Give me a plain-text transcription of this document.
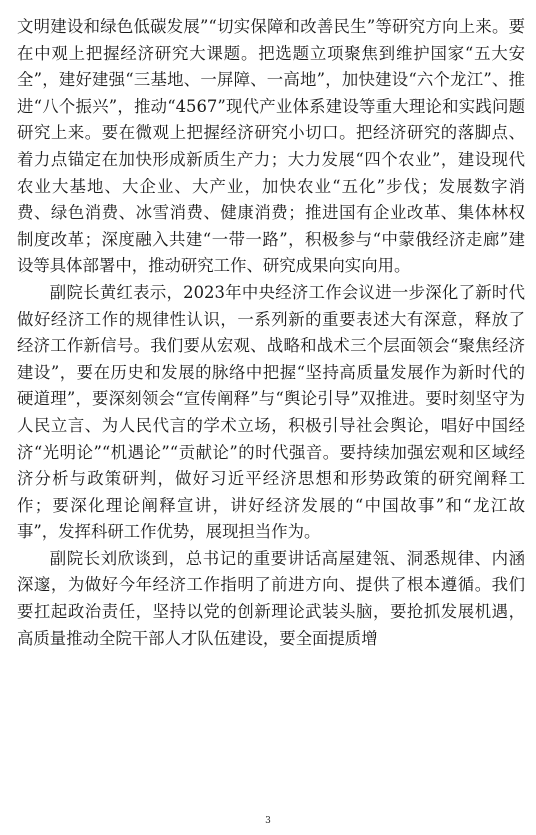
文明建设和绿色低碳发展”“切实保障和改善民生”等研究方向上来。要在中观上把握经济研究大课题。把选题立项聚焦到维护国家“五大安全”，建好建强“三基地、一屏障、一高地”，加快建设“六个龙江”、推进“八个振兴”，推动“4567”现代产业体系建设等重大理论和实践问题研究上来。要在微观上把握经济研究小切口。把经济研究的落脚点、着力点锚定在加快形成新质生产力；大力发展“四个农业”，建设现代农业大基地、大企业、大产业，加快农业“五化”步伐；发展数字消费、绿色消费、冰雪消费、健康消费；推进国有企业改革、集体林权制度改革；深度融入共建“一带一路”，积极参与“中蒙俄经济走廊”建设等具体部署中，推动研究工作、研究成果向实向用。

副院长黄红表示，2023年中央经济工作会议进一步深化了新时代做好经济工作的规律性认识，一系列新的重要表述大有深意，释放了经济工作新信号。我们要从宏观、战略和战术三个层面领会“聚焦经济建设”，要在历史和发展的脉络中把握“坚持高质量发展作为新时代的硬道理”，要深刻领会“宣传阐释”与“舆论引导”双推进。要时刻坚守为人民立言、为人民代言的学术立场，积极引导社会舆论，唱好中国经济“光明论”“机遇论”“贡献论”的时代强音。要持续加强宏观和区域经济分析与政策研判，做好习近平经济思想和形势政策的研究阐释工作；要深化理论阐释宣讲，讲好经济发展的“中国故事”和“龙江故事”，发挥科研工作优势，展现担当作为。

副院长刘欣谈到，总书记的重要讲话高屋建瓴、洞悉规律、内涵深邃，为做好今年经济工作指明了前进方向、提供了根本遵循。我们要扛起政治责任，坚持以党的创新理论武装头脑，要抢抓发展机遇，高质量推动全院干部人才队伍建设，要全面提质增

3
